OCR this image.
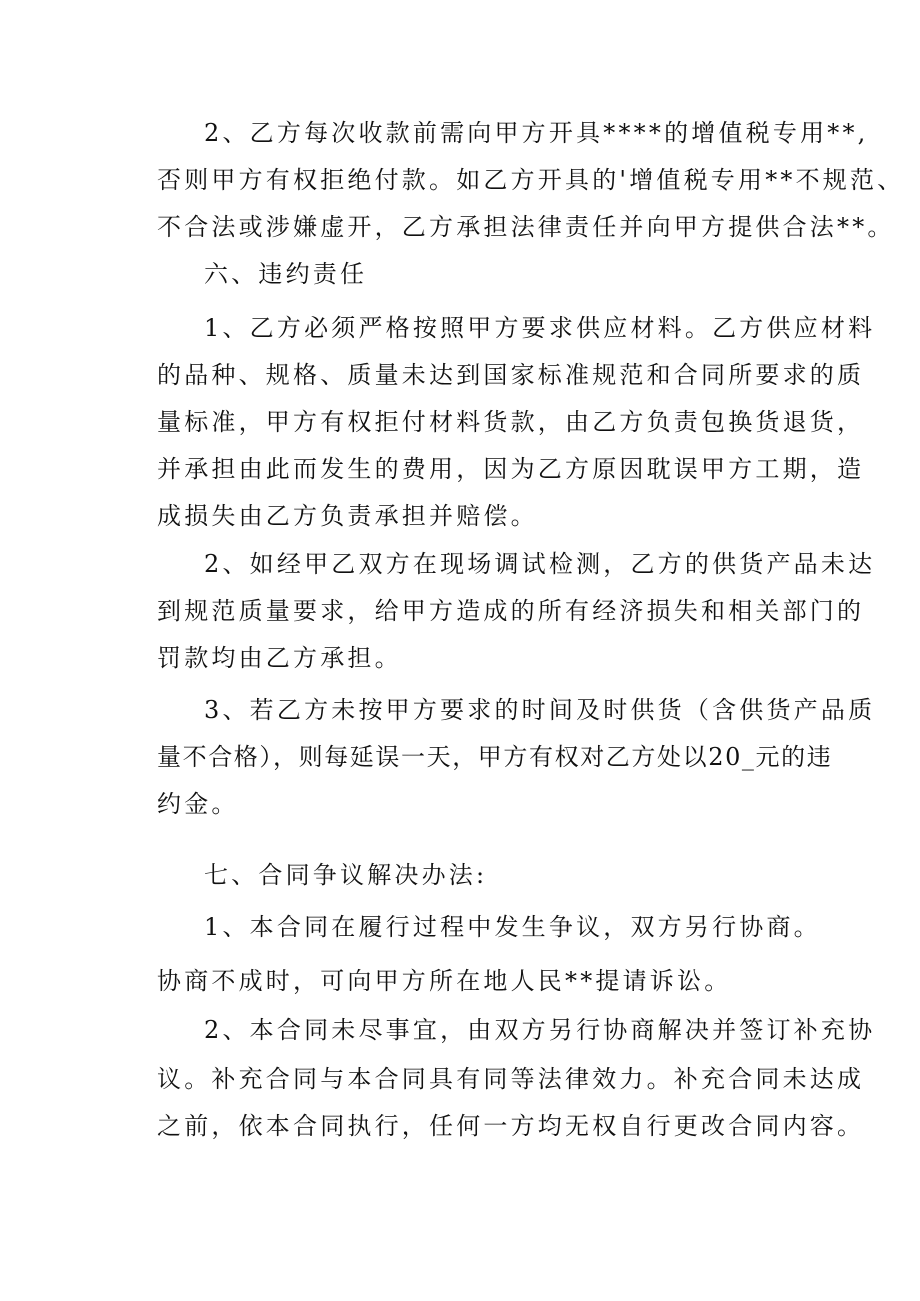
2、乙方每次收款前需向甲方开具****的增值税专用**,

否则甲方有权拒绝付款。如乙方开具的'增值税专用**不规范、

不合法或涉嫌虚开，乙方承担法律责任并向甲方提供合法**。

六、违约责任

1、乙方必须严格按照甲方要求供应材料。乙方供应材料

的品种、规格、质量未达到国家标准规范和合同所要求的质

量标准，甲方有权拒付材料货款，由乙方负责包换货退货，

并承担由此而发生的费用，因为乙方原因耽误甲方工期，造

成损失由乙方负责承担并赔偿。

2、如经甲乙双方在现场调试检测，乙方的供货产品未达

到规范质量要求，给甲方造成的所有经济损失和相关部门的

罚款均由乙方承担。

3、若乙方未按甲方要求的时间及时供货（含供货产品质

量不合格），则每延误一天，甲方有权对乙方处以20_元的违

约金。

七、合同争议解决办法:

1、本合同在履行过程中发生争议，双方另行协商。

协商不成时，可向甲方所在地人民**提请诉讼。

2、本合同未尽事宜，由双方另行协商解决并签订补充协

议。补充合同与本合同具有同等法律效力。补充合同未达成

之前，依本合同执行，任何一方均无权自行更改合同内容。
